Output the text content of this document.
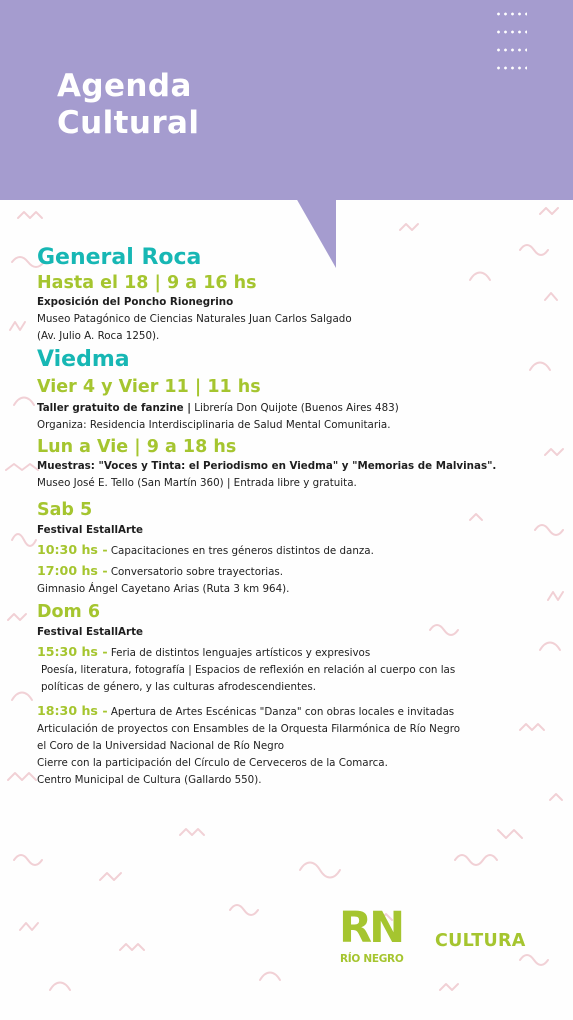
Agenda
Cultural
General Roca
Hasta el 18 | 9 a 16 hs
Exposición del Poncho Rionegrino
Museo Patagónico de Ciencias Naturales Juan Carlos Salgado
(Av. Julio A. Roca 1250).
Viedma
Vier 4 y Vier 11 | 11 hs
Taller gratuito de fanzine | Librería Don Quijote (Buenos Aires 483)
Organiza: Residencia Interdisciplinaria de Salud Mental Comunitaria.
Lun a Vie | 9 a 18 hs
Muestras: "Voces y Tinta: el Periodismo en Viedma" y "Memorias de Malvinas".
Museo José E. Tello (San Martín 360) | Entrada libre y gratuita.
Sab 5
Festival EstallArte
10:30 hs - Capacitaciones en tres géneros distintos de danza.
17:00 hs - Conversatorio sobre trayectorias.
Gimnasio Ángel Cayetano Arias (Ruta 3 km 964).
Dom 6
Festival EstallArte
15:30 hs - Feria de distintos lenguajes artísticos y expresivos
Poesía, literatura, fotografía | Espacios de reflexión en relación al cuerpo con las
políticas de género, y las culturas afrodescendientes.
18:30 hs - Apertura de Artes Escénicas "Danza" con obras locales e invitadas
Articulación de proyectos con Ensambles de la Orquesta Filarmónica de Río Negro
el Coro de la Universidad Nacional de Río Negro
Cierre con la participación del Círculo de Cerveceros de la Comarca.
Centro Municipal de Cultura (Gallardo 550).
RN
RÍO NEGRO
CULTURA
